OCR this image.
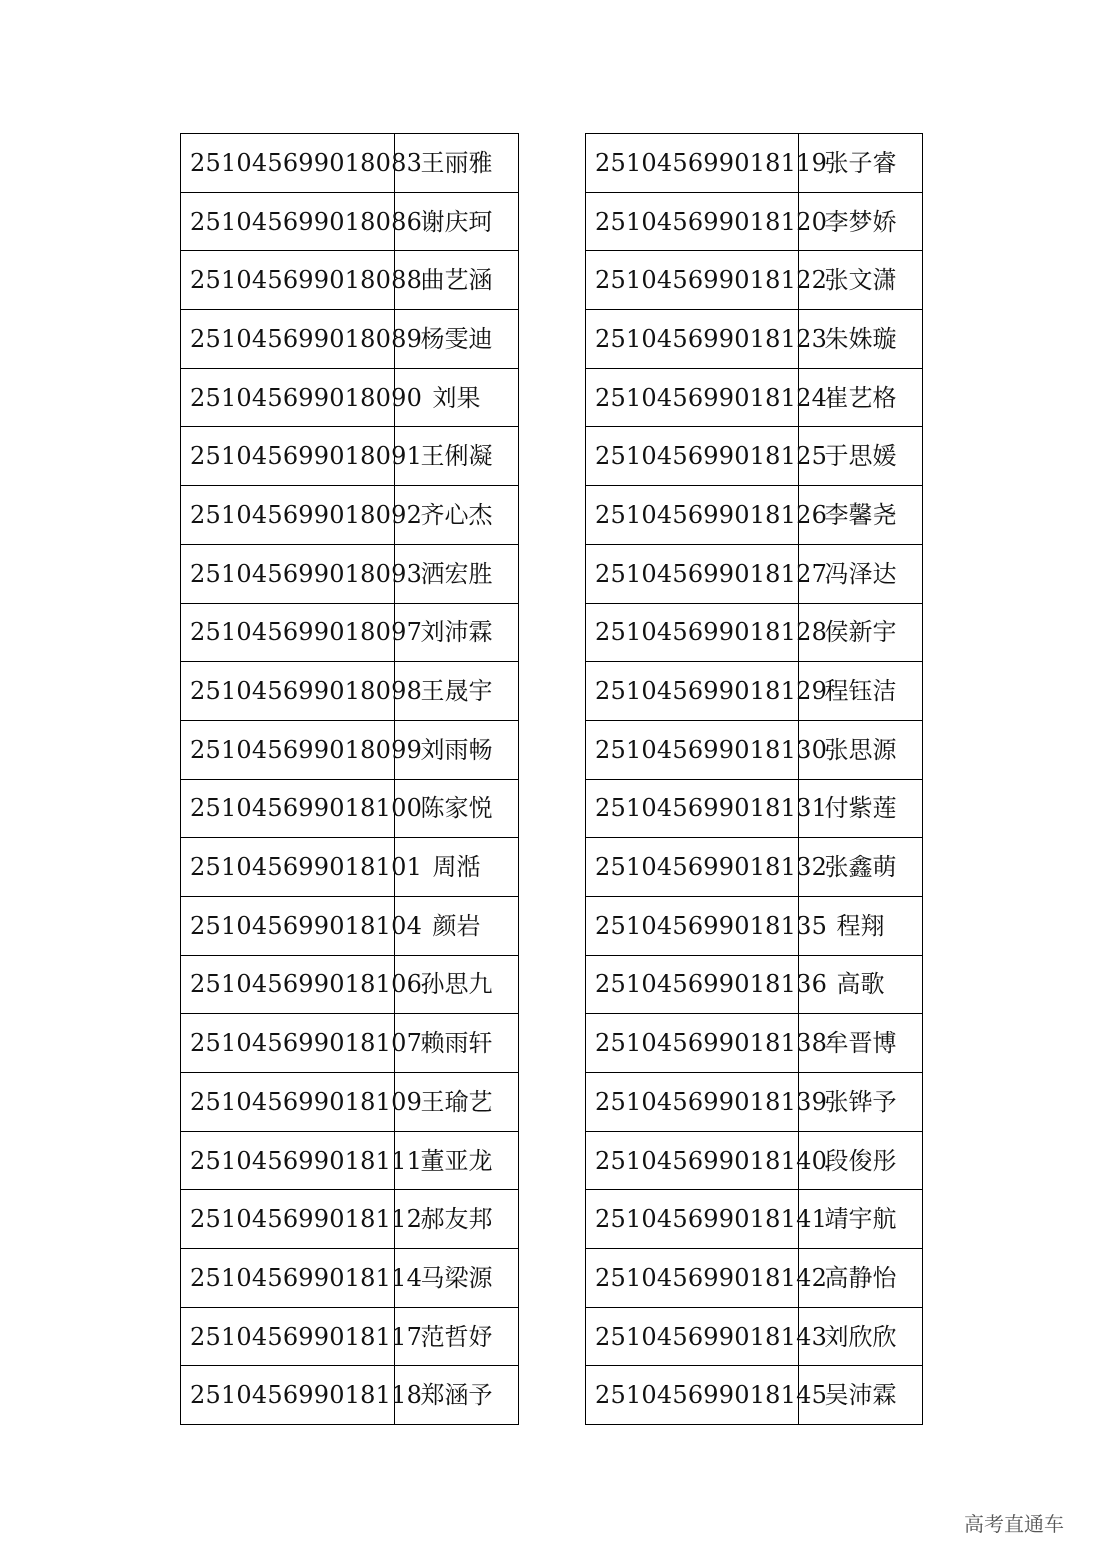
251045699018083	王丽雅
251045699018086	谢庆珂
251045699018088	曲艺涵
251045699018089	杨雯迪
251045699018090	刘果
251045699018091	王俐凝
251045699018092	齐心杰
251045699018093	洒宏胜
251045699018097	刘沛霖
251045699018098	王晟宇
251045699018099	刘雨畅
251045699018100	陈家悦
251045699018101	周湉
251045699018104	颜岩
251045699018106	孙思九
251045699018107	赖雨轩
251045699018109	王瑜艺
251045699018111	董亚龙
251045699018112	郝友邦
251045699018114	马梁源
251045699018117	范哲妤
251045699018118	郑涵予
251045699018119	张子睿
251045699018120	李梦娇
251045699018122	张文潇
251045699018123	朱姝璇
251045699018124	崔艺格
251045699018125	于思媛
251045699018126	李馨尧
251045699018127	冯泽达
251045699018128	侯新宇
251045699018129	程钰洁
251045699018130	张思源
251045699018131	付紫莲
251045699018132	张鑫萌
251045699018135	程翔
251045699018136	高歌
251045699018138	牟晋博
251045699018139	张铧予
251045699018140	段俊彤
251045699018141	靖宇航
251045699018142	高静怡
251045699018143	刘欣欣
251045699018145	吴沛霖
高考直通车
